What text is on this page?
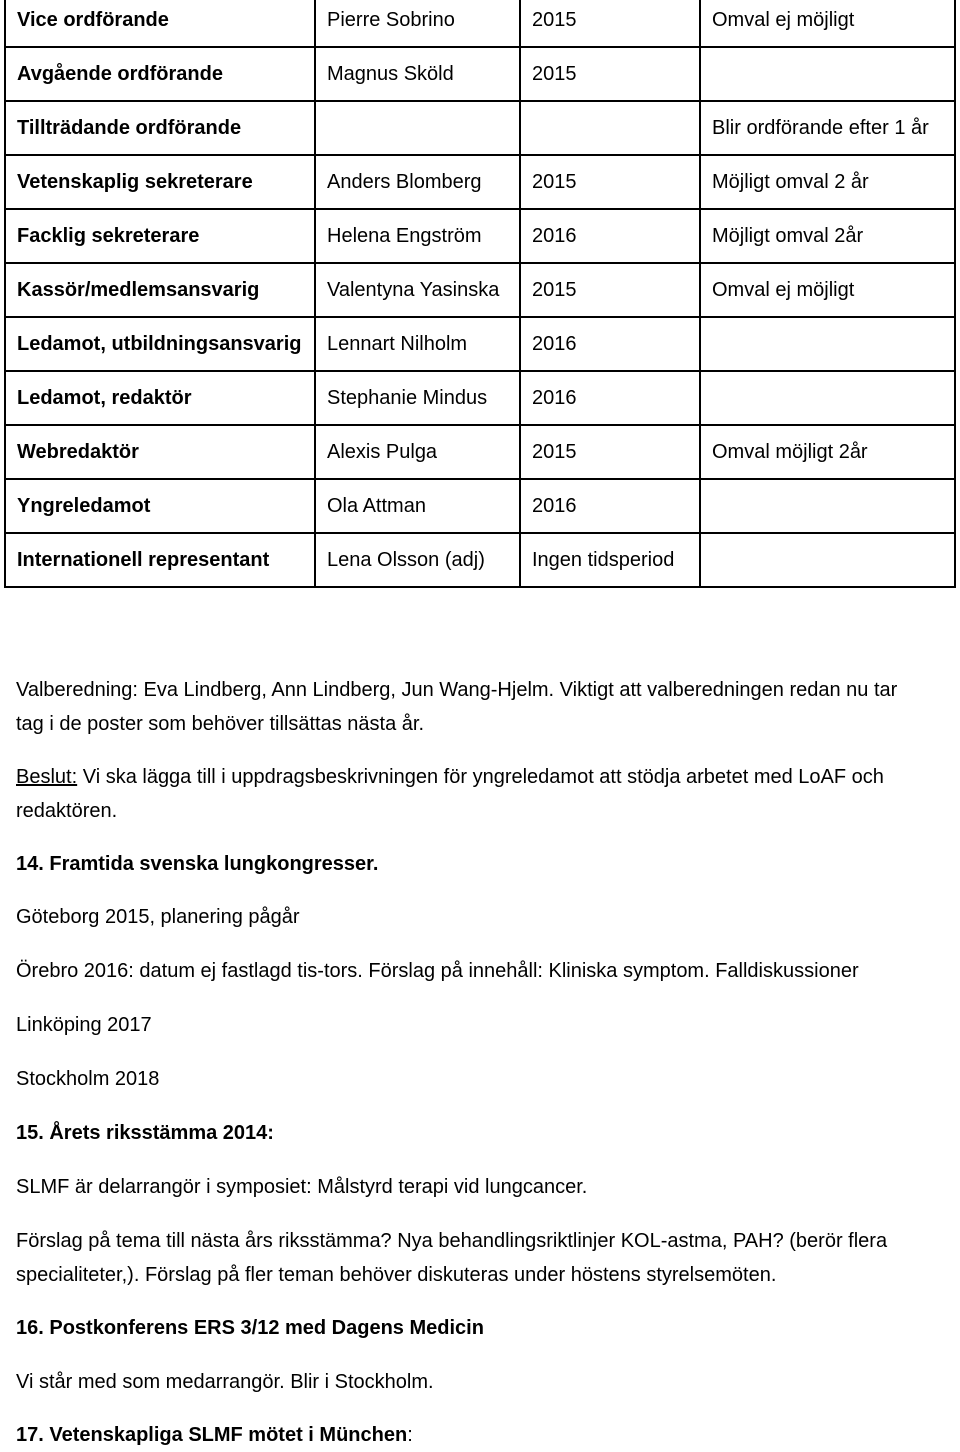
Vice ordförande	Pierre Sobrino	2015	Omval ej möjligt
Avgående ordförande	Magnus Sköld	2015	
Tillträdande ordförande			Blir ordförande efter 1 år
Vetenskaplig sekreterare	Anders Blomberg	2015	Möjligt omval 2 år
Facklig sekreterare	Helena Engström	2016	Möjligt omval 2år
Kassör/medlemsansvarig	Valentyna Yasinska	2015	Omval ej möjligt
Ledamot, utbildningsansvarig	Lennart Nilholm	2016	
Ledamot, redaktör	Stephanie Mindus	2016	
Webredaktör	Alexis Pulga	2015	Omval möjligt 2år
Yngreledamot	Ola Attman	2016	
Internationell representant	Lena Olsson (adj)	Ingen tidsperiod	

Valberedning: Eva Lindberg, Ann Lindberg, Jun Wang-Hjelm. Viktigt att valberedningen redan nu tar
tag i de poster som behöver tillsättas nästa år.

Beslut: Vi ska lägga till i uppdragsbeskrivningen för yngreledamot att stödja arbetet med LoAF och
redaktören.

14. Framtida svenska lungkongresser.

Göteborg 2015, planering pågår

Örebro 2016: datum ej fastlagd tis-tors. Förslag på innehåll: Kliniska symptom. Falldiskussioner

Linköping 2017

Stockholm 2018

15. Årets riksstämma 2014:

SLMF är delarrangör i symposiet: Målstyrd terapi vid lungcancer.

Förslag på tema till nästa års riksstämma? Nya behandlingsriktlinjer KOL-astma, PAH? (berör flera
specialiteter,). Förslag på fler teman behöver diskuteras under höstens styrelsemöten.

16. Postkonferens ERS 3/12 med Dagens Medicin

Vi står med som medarrangör. Blir i Stockholm.

17. Vetenskapliga SLMF mötet i München:
